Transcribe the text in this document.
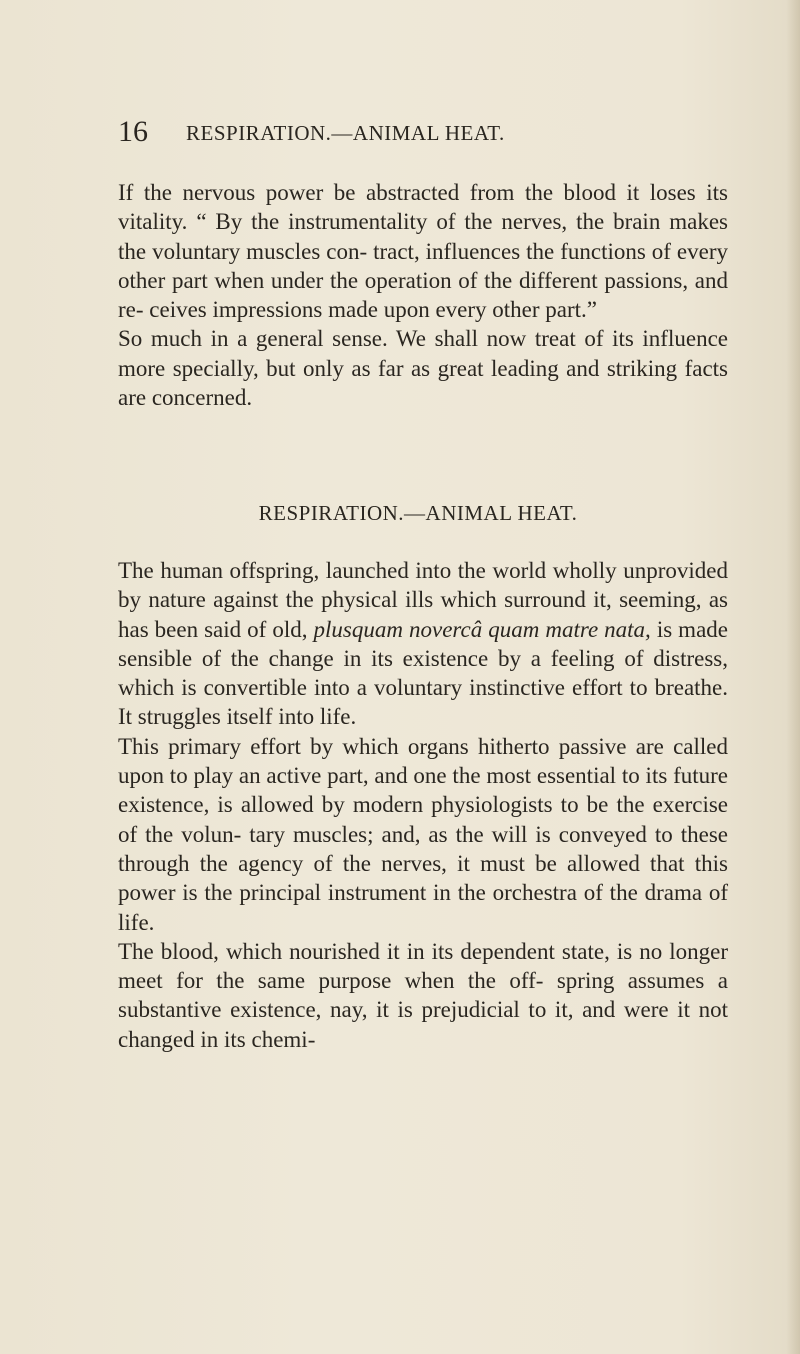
16 RESPIRATION.—ANIMAL HEAT.

If the nervous power be abstracted from the blood it loses its vitality. “ By the instrumentality of the nerves, the brain makes the voluntary muscles con- tract, influences the functions of every other part when under the operation of the different passions, and re- ceives impressions made upon every other part.”

So much in a general sense. We shall now treat of its influence more specially, but only as far as great leading and striking facts are concerned.

RESPIRATION.—ANIMAL HEAT.

The human offspring, launched into the world wholly unprovided by nature against the physical ills which surround it, seeming, as has been said of old, plusquam novercâ quam matre nata, is made sensible of the change in its existence by a feeling of distress, which is convertible into a voluntary instinctive effort to breathe. It struggles itself into life.

This primary effort by which organs hitherto passive are called upon to play an active part, and one the most essential to its future existence, is allowed by modern physiologists to be the exercise of the volun- tary muscles; and, as the will is conveyed to these through the agency of the nerves, it must be allowed that this power is the principal instrument in the orchestra of the drama of life.

The blood, which nourished it in its dependent state, is no longer meet for the same purpose when the off- spring assumes a substantive existence, nay, it is prejudicial to it, and were it not changed in its chemi-
